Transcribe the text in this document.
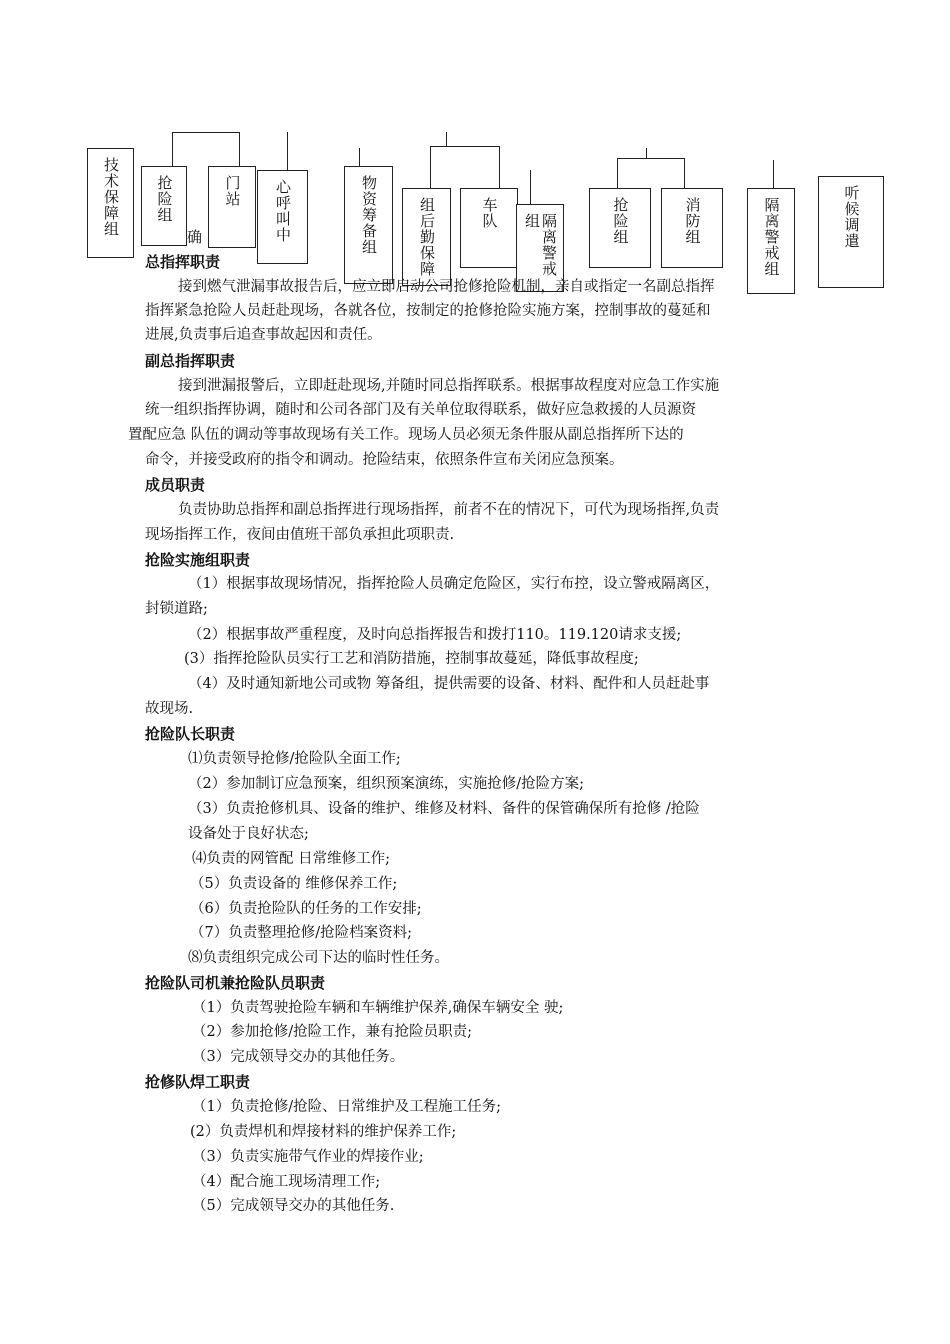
技术保障组	抢险组	门站	心呼叫中	物资筹备组	组后勤保障	车队	隔离警戒组	抢险组	消防组	隔离警戒组	听候调遣
确
总指挥职责
接到燃气泄漏事故报告后，应立即启动公司抢修抢险机制，亲自或指定一名副总指挥
指挥紧急抢险人员赶赴现场，各就各位，按制定的抢修抢险实施方案，控制事故的蔓延和
进展,负责事后追查事故起因和责任。
副总指挥职责
接到泄漏报警后，立即赶赴现场,并随时同总指挥联系。根据事故程度对应急工作实施
统一组织指挥协调，随时和公司各部门及有关单位取得联系，做好应急救援的人员源资
置配应急 队伍的调动等事故现场有关工作。现场人员必须无条件服从副总指挥所下达的
命令，并接受政府的指令和调动。抢险结束，依照条件宣布关闭应急预案。
成员职责
负责协助总指挥和副总指挥进行现场指挥，前者不在的情况下，可代为现场指挥,负责
现场指挥工作，夜间由值班干部负承担此项职责.
抢险实施组职责
（1）根据事故现场情况，指挥抢险人员确定危险区，实行布控，设立警戒隔离区，
封锁道路;
（2）根据事故严重程度，及时向总指挥报告和拨打110。119.120请求支援;
(3）指挥抢险队员实行工艺和消防措施，控制事故蔓延，降低事故程度;
（4）及时通知新地公司或物 筹备组，提供需要的设备、材料、配件和人员赶赴事
故现场.
抢险队长职责
⑴负责领导抢修/抢险队全面工作;
（2）参加制订应急预案，组织预案演练，实施抢修/抢险方案;
（3）负责抢修机具、设备的维护、维修及材料、备件的保管确保所有抢修 /抢险
设备处于良好状态;
⑷负责的网管配 日常维修工作;
（5）负责设备的 维修保养工作;
（6）负责抢险队的任务的工作安排;
（7）负责整理抢修/抢险档案资料;
⑻负责组织完成公司下达的临时性任务。
抢险队司机兼抢险队员职责
（1）负责驾驶抢险车辆和车辆维护保养,确保车辆安全 驶;
（2）参加抢修/抢险工作，兼有抢险员职责;
（3）完成领导交办的其他任务。
抢修队焊工职责
（1）负责抢修/抢险、日常维护及工程施工任务;
(2）负责焊机和焊接材料的维护保养工作;
（3）负责实施带气作业的焊接作业;
（4）配合施工现场清理工作;
（5）完成领导交办的其他任务.
